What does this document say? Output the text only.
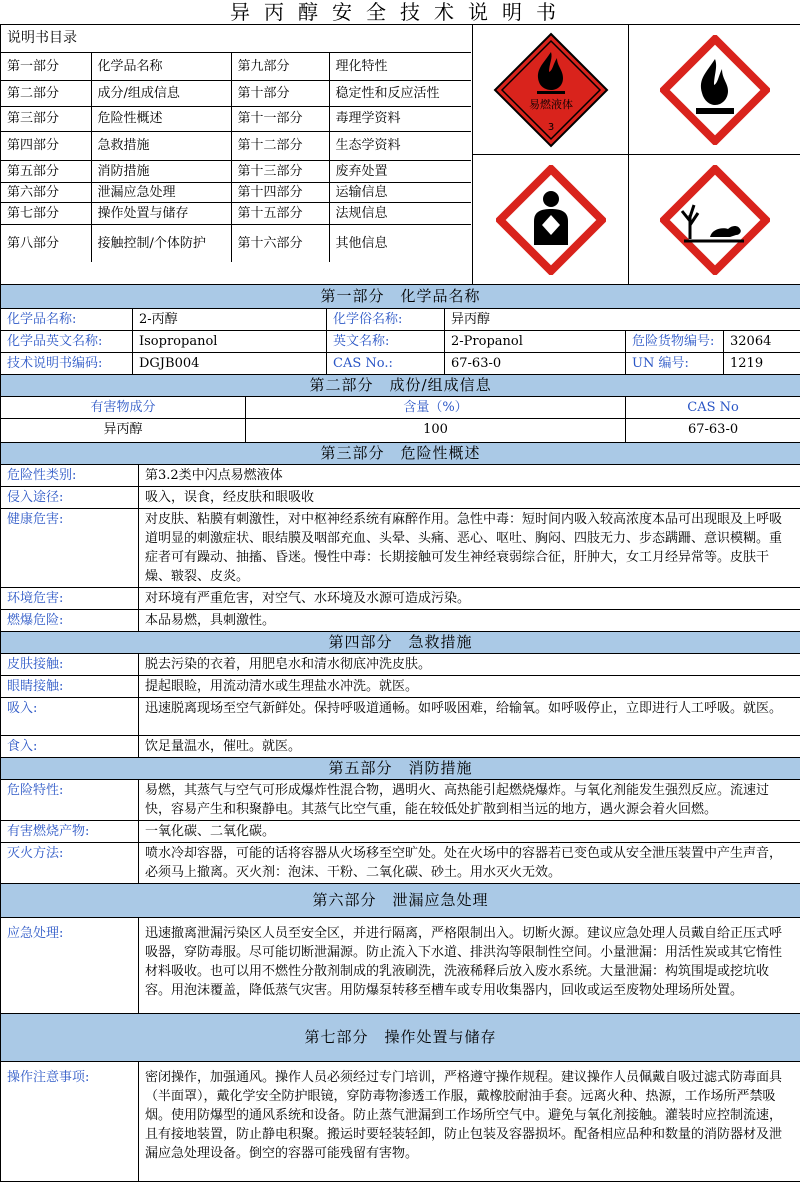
异丙醇安全技术说明书
说明书目录
第一部分	化学品名称	第九部分	理化特性
第二部分	成分/组成信息	第十部分	稳定性和反应活性
第三部分	危险性概述	第十一部分	毒理学资料
第四部分	急救措施	第十二部分	生态学资料
第五部分	消防措施	第十三部分	废弃处置
第六部分	泄漏应急处理	第十四部分	运输信息
第七部分	操作处置与储存	第十五部分	法规信息
第八部分	接触控制/个体防护	第十六部分	其他信息

易燃液体
3

第一部分　化学品名称						
化学品名称:	2-丙醇		化学俗名称:	异丙醇		
化学品英文名称:	Isopropanol		英文名称:	2-Propanol	危险货物编号:	32064
技术说明书编码:	DGJB004		CAS No.:	67-63-0	UN 编号:	1219
第二部分　成份/组成信息						
有害物成分		含量（%）			CAS No	
异丙醇		100			67-63-0	
第三部分　危险性概述	
危险性类别:	第3.2类中闪点易燃液体
侵入途径:	吸入，误食，经皮肤和眼吸收
健康危害:	对皮肤、粘膜有刺激性，对中枢神经系统有麻醉作用。急性中毒：短时间内吸入较高浓度本品可出现眼及上呼吸道明显的刺激症状、眼结膜及咽部充血、头晕、头痛、恶心、呕吐、胸闷、四肢无力、步态蹒跚、意识模糊。重症者可有躁动、抽搐、昏迷。慢性中毒：长期接触可发生神经衰弱综合征，肝肿大，女工月经异常等。皮肤干燥、皲裂、皮炎。
环境危害:	对环境有严重危害，对空气、水环境及水源可造成污染。
燃爆危险:	本品易燃，具刺激性。
第四部分　急救措施	
皮肤接触:	脱去污染的衣着，用肥皂水和清水彻底冲洗皮肤。
眼睛接触:	提起眼睑，用流动清水或生理盐水冲洗。就医。
吸入:	迅速脱离现场至空气新鲜处。保持呼吸道通畅。如呼吸困难，给输氧。如呼吸停止，立即进行人工呼吸。就医。
食入:	饮足量温水，催吐。就医。
第五部分　消防措施	
危险特性:	易燃，其蒸气与空气可形成爆炸性混合物，遇明火、高热能引起燃烧爆炸。与氧化剂能发生强烈反应。流速过快，容易产生和积聚静电。其蒸气比空气重，能在较低处扩散到相当远的地方，遇火源会着火回燃。
有害燃烧产物:	一氧化碳、二氧化碳。
灭火方法:	喷水冷却容器，可能的话将容器从火场移至空旷处。处在火场中的容器若已变色或从安全泄压装置中产生声音，必须马上撤离。灭火剂：泡沫、干粉、二氧化碳、砂土。用水灭火无效。
第六部分　泄漏应急处理	
应急处理:	迅速撤离泄漏污染区人员至安全区，并进行隔离，严格限制出入。切断火源。建议应急处理人员戴自给正压式呼吸器，穿防毒服。尽可能切断泄漏源。防止流入下水道、排洪沟等限制性空间。小量泄漏：用活性炭或其它惰性材料吸收。也可以用不燃性分散剂制成的乳液刷洗，洗液稀释后放入废水系统。大量泄漏：构筑围堤或挖坑收容。用泡沫覆盖，降低蒸气灾害。用防爆泵转移至槽车或专用收集器内，回收或运至废物处理场所处置。
第七部分　操作处置与储存	
操作注意事项:	密闭操作，加强通风。操作人员必须经过专门培训，严格遵守操作规程。建议操作人员佩戴自吸过滤式防毒面具（半面罩），戴化学安全防护眼镜，穿防毒物渗透工作服，戴橡胶耐油手套。远离火种、热源，工作场所严禁吸烟。使用防爆型的通风系统和设备。防止蒸气泄漏到工作场所空气中。避免与氧化剂接触。灌装时应控制流速，且有接地装置，防止静电积聚。搬运时要轻装轻卸，防止包装及容器损坏。配备相应品种和数量的消防器材及泄漏应急处理设备。倒空的容器可能残留有害物。
